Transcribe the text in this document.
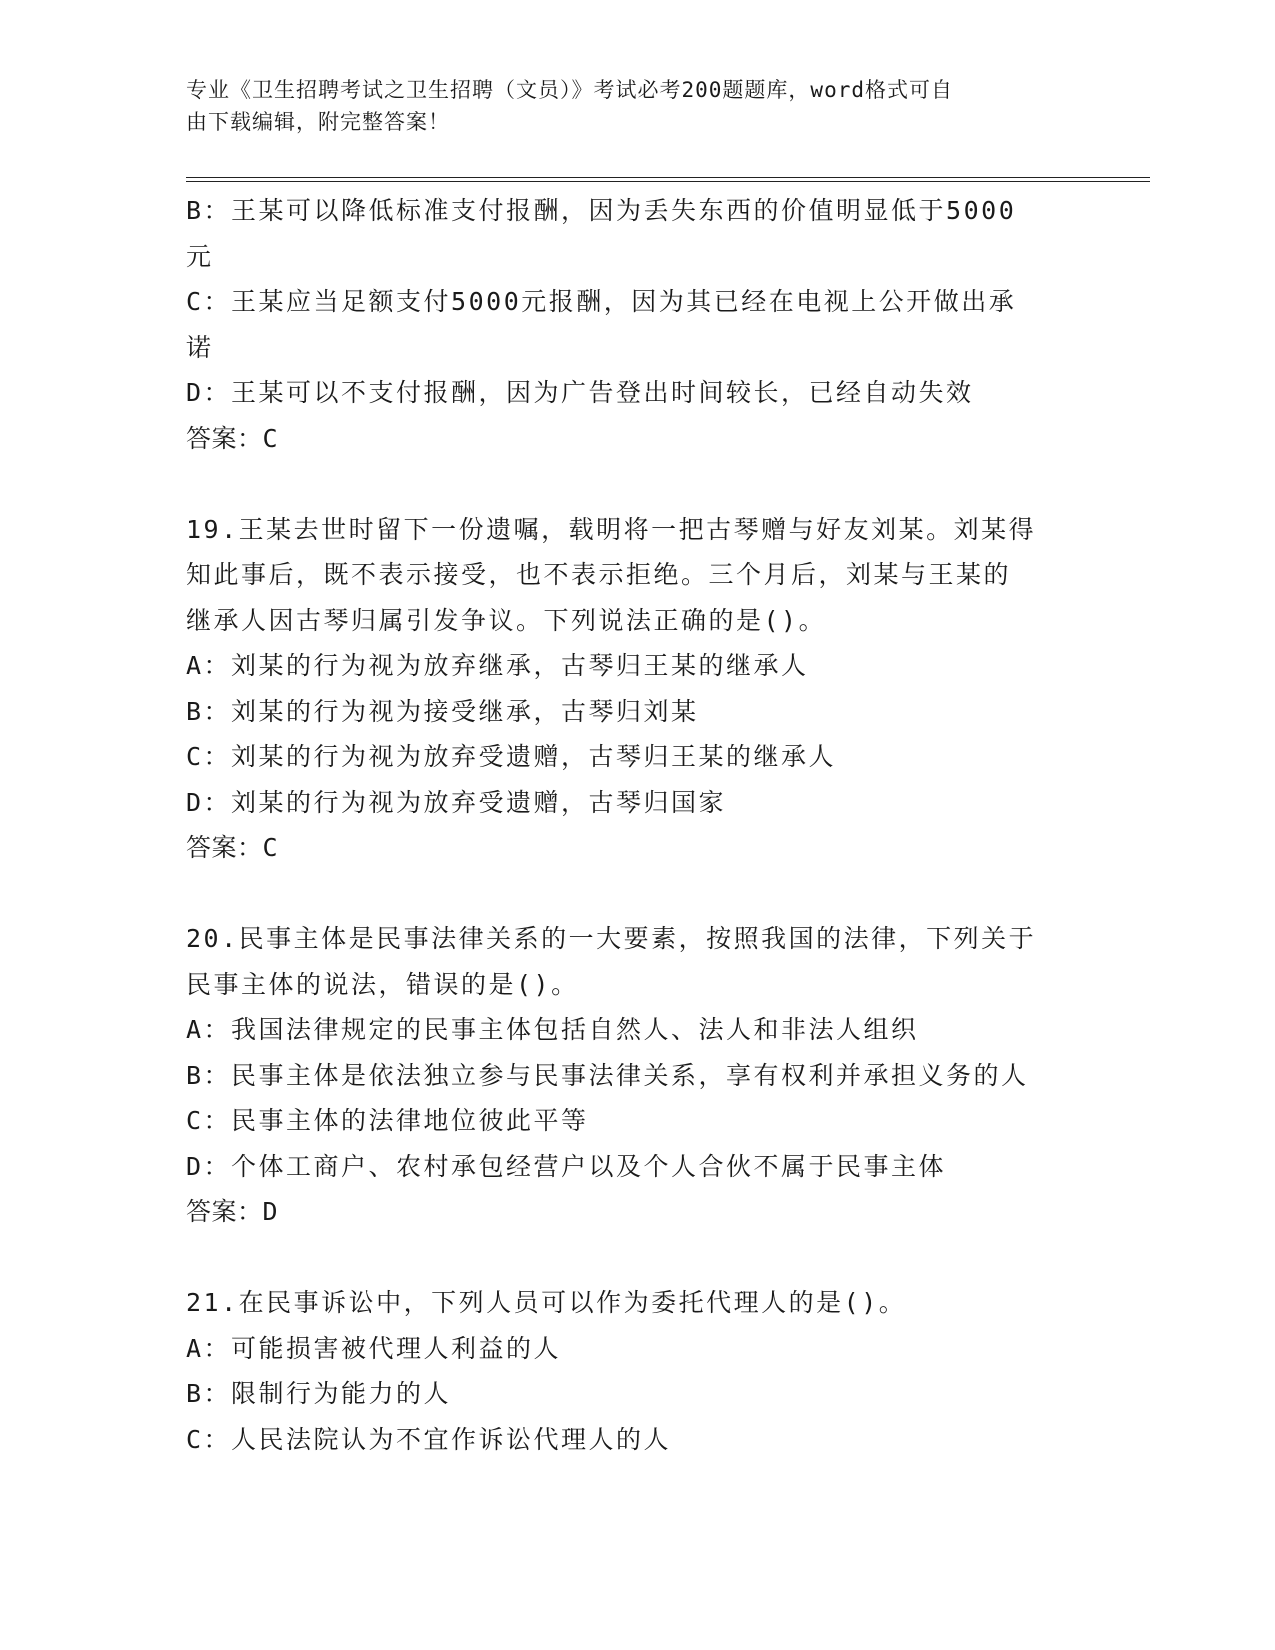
专业《卫生招聘考试之卫生招聘（文员）》考试必考200题题库，word格式可自
由下载编辑，附完整答案！
B：王某可以降低标准支付报酬，因为丢失东西的价值明显低于5000
元
C：王某应当足额支付5000元报酬，因为其已经在电视上公开做出承
诺
D：王某可以不支付报酬，因为广告登出时间较长，已经自动失效
答案：C
19.王某去世时留下一份遗嘱，载明将一把古琴赠与好友刘某。刘某得
知此事后，既不表示接受，也不表示拒绝。三个月后，刘某与王某的
继承人因古琴归属引发争议。下列说法正确的是()。
A：刘某的行为视为放弃继承，古琴归王某的继承人
B：刘某的行为视为接受继承，古琴归刘某
C：刘某的行为视为放弃受遗赠，古琴归王某的继承人
D：刘某的行为视为放弃受遗赠，古琴归国家
答案：C
20.民事主体是民事法律关系的一大要素，按照我国的法律，下列关于
民事主体的说法，错误的是()。
A：我国法律规定的民事主体包括自然人、法人和非法人组织
B：民事主体是依法独立参与民事法律关系，享有权利并承担义务的人
C：民事主体的法律地位彼此平等
D：个体工商户、农村承包经营户以及个人合伙不属于民事主体
答案：D
21.在民事诉讼中，下列人员可以作为委托代理人的是()。
A：可能损害被代理人利益的人
B：限制行为能力的人
C：人民法院认为不宜作诉讼代理人的人
